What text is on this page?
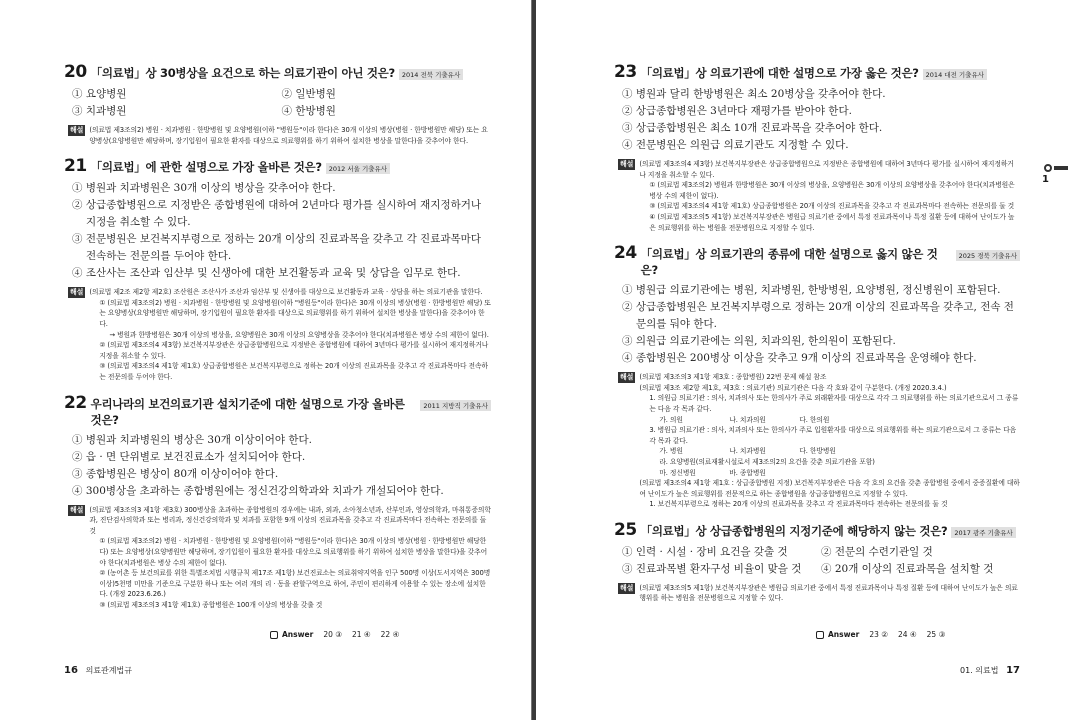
20 「의료법」상 30병상을 요건으로 하는 의료기관이 아닌 것은?	2014 전북 기출유사
① 요양병원	② 일반병원
③ 치과병원	④ 한방병원
해설 (의료법 제3조의2) 병원 · 치과병원 · 한방병원 및 요양병원(이하 "병원등"이라 한다)은 30개 이상의 병상(병원 · 한방병원만 해당) 또는 요양병상(요양병원만 해당하며, 장기입원이 필요한 환자를 대상으로 의료행위를 하기 위하여 설치한 병상을 말한다)을 갖추어야 한다.

21 「의료법」에 관한 설명으로 가장 올바른 것은?	2012 서울 기출유사
① 병원과 치과병원은 30개 이상의 병상을 갖추어야 한다.
② 상급종합병원으로 지정받은 종합병원에 대하여 2년마다 평가를 실시하여 재지정하거나 지정을 취소할 수 있다.
③ 전문병원은 보건복지부령으로 정하는 20개 이상의 진료과목을 갖추고 각 진료과목마다 전속하는 전문의를 두어야 한다.
④ 조산사는 조산과 임산부 및 신생아에 대한 보건활동과 교육 및 상담을 임무로 한다.
해설 (의료법 제2조 제2항 제2호) 조산원은 조산사가 조산과 임산부 및 신생아를 대상으로 보건활동과 교육 · 상담을 하는 의료기관을 말한다.

① (의료법 제3조의2) 병원 · 치과병원 · 한방병원 및 요양병원(이하 "병원등"이라 한다)은 30개 이상의 병상(병원 · 한방병원만 해당) 또는 요양병상(요양병원만 해당하며, 장기입원이 필요한 환자를 대상으로 의료행위를 하기 위하여 설치한 병상을 말한다)을 갖추어야 한다.

→ 병원과 한방병원은 30개 이상의 병상을, 요양병원은 30개 이상의 요양병상을 갖추어야 한다(치과병원은 병상 수의 제한이 없다).

② (의료법 제3조의4 제3항) 보건복지부장관은 상급종합병원으로 지정받은 종합병원에 대하여 3년마다 평가를 실시하여 재지정하거나 지정을 취소할 수 있다.

③ (의료법 제3조의4 제1항 제1호) 상급종합병원은 보건복지부령으로 정하는 20개 이상의 진료과목을 갖추고 각 진료과목마다 전속하는 전문의를 두어야 한다.

22 우리나라의 보건의료기관 설치기준에 대한 설명으로 가장 올바른 것은?
2011 지방직 기출유사
① 병원과 치과병원의 병상은 30개 이상이어야 한다.
② 읍 · 면 단위별로 보건진료소가 설치되어야 한다.
③ 종합병원은 병상이 80개 이상이어야 한다.
④ 300병상을 초과하는 종합병원에는 정신건강의학과와 치과가 개설되어야 한다.
해설 (의료법 제3조의3 제1항 제3호) 300병상을 초과하는 종합병원의 경우에는 내과, 외과, 소아청소년과, 산부인과, 영상의학과, 마취통증의학과, 진단검사의학과 또는 병리과, 정신건강의학과 및 치과를 포함한 9개 이상의 진료과목을 갖추고 각 진료과목마다 전속하는 전문의를 둘 것

① (의료법 제3조의2) 병원 · 치과병원 · 한방병원 및 요양병원(이하 "병원등"이라 한다)은 30개 이상의 병상(병원 · 한방병원만 해당한다) 또는 요양병상(요양병원만 해당하며, 장기입원이 필요한 환자를 대상으로 의료행위를 하기 위하여 설치한 병상을 말한다)을 갖추어야 한다(치과병원은 병상 수의 제한이 없다).

② (농어촌 등 보건의료를 위한 특별조치법 시행규칙 제17조 제1항) 보건진료소는 의료취약지역을 인구 500명 이상(도서지역은 300명 이상)5천명 미만을 기준으로 구분한 하나 또는 여러 개의 리 · 동을 관할구역으로 하여, 주민이 편리하게 이용할 수 있는 장소에 설치한다. (개정 2023.6.26.)

③ (의료법 제3조의3 제1항 제1호) 종합병원은 100개 이상의 병상을 갖출 것

Answer 20 ③ 21 ④ 22 ④
16 의료관계법규
23 「의료법」상 의료기관에 대한 설명으로 가장 옳은 것은?	2014 대전 기출유사
① 병원과 달리 한방병원은 최소 20병상을 갖추어야 한다.
② 상급종합병원은 3년마다 재평가를 받아야 한다.
③ 상급종합병원은 최소 10개 진료과목을 갖추어야 한다.
④ 전문병원은 의원급 의료기관도 지정할 수 있다.
해설 (의료법 제3조의4 제3항) 보건복지부장관은 상급종합병원으로 지정받은 종합병원에 대하여 3년마다 평가를 실시하여 재지정하거나 지정을 취소할 수 있다.

① (의료법 제3조의2) 병원과 한방병원은 30개 이상의 병상을, 요양병원은 30개 이상의 요양병상을 갖추어야 한다(치과병원은 병상 수의 제한이 없다).

③ (의료법 제3조의4 제1항 제1호) 상급종합병원은 20개 이상의 진료과목을 갖추고 각 진료과목마다 전속하는 전문의를 둘 것

④ (의료법 제3조의5 제1항) 보건복지부장관은 병원급 의료기관 중에서 특정 진료과목이나 특정 질환 등에 대하여 난이도가 높은 의료행위를 하는 병원을 전문병원으로 지정할 수 있다.

24 「의료법」상 의료기관의 종류에 대한 설명으로 옳지 않은 것은?
2025 경북 기출유사
① 병원급 의료기관에는 병원, 치과병원, 한방병원, 요양병원, 정신병원이 포함된다.
② 상급종합병원은 보건복지부령으로 정하는 20개 이상의 진료과목을 갖추고, 전속 전문의를 둬야 한다.
③ 의원급 의료기관에는 의원, 치과의원, 한의원이 포함된다.
④ 종합병원은 200병상 이상을 갖추고 9개 이상의 진료과목을 운영해야 한다.
해설 (의료법 제3조의3 제1항 제3호 : 종합병원) 22번 문제 해설 참조

(의료법 제3조 제2항 제1호, 제3호 : 의료기관) 의료기관은 다음 각 호와 같이 구분한다. (개정 2020.3.4.)

1. 의원급 의료기관 : 의사, 치과의사 또는 한의사가 주로 외래환자를 대상으로 각각 그 의료행위를 하는 의료기관으로서 그 종류는 다음 각 목과 같다.

가. 의원	나. 치과의원	다. 한의원

3. 병원급 의료기관 : 의사, 치과의사 또는 한의사가 주로 입원환자를 대상으로 의료행위를 하는 의료기관으로서 그 종류는 다음 각 목과 같다.

가. 병원	나. 치과병원	다. 한방병원

라. 요양병원(의료재활시설로서 제3조의2의 요건을 갖춘 의료기관을 포함)

마. 정신병원	바. 종합병원

(의료법 제3조의4 제1항 제1호 : 상급종합병원 지정) 보건복지부장관은 다음 각 호의 요건을 갖춘 종합병원 중에서 중증질환에 대하여 난이도가 높은 의료행위를 전문적으로 하는 종합병원을 상급종합병원으로 지정할 수 있다.

1. 보건복지부령으로 정하는 20개 이상의 진료과목을 갖추고 각 진료과목마다 전속하는 전문의를 둘 것

25 「의료법」상 상급종합병원의 지정기준에 해당하지 않는 것은?	2017 광주 기출유사
① 인력 · 시설 · 장비 요건을 갖출 것	② 전문의 수련기관일 것
③ 진료과목별 환자구성 비율이 맞을 것	④ 20개 이상의 진료과목을 설치할 것
해설 (의료법 제3조의5 제1항) 보건복지부장관은 병원급 의료기관 중에서 특정 진료과목이나 특정 질환 등에 대하여 난이도가 높은 의료행위를 하는 병원을 전문병원으로 지정할 수 있다.

1
Answer 23 ② 24 ④ 25 ③
01. 의료법 17
